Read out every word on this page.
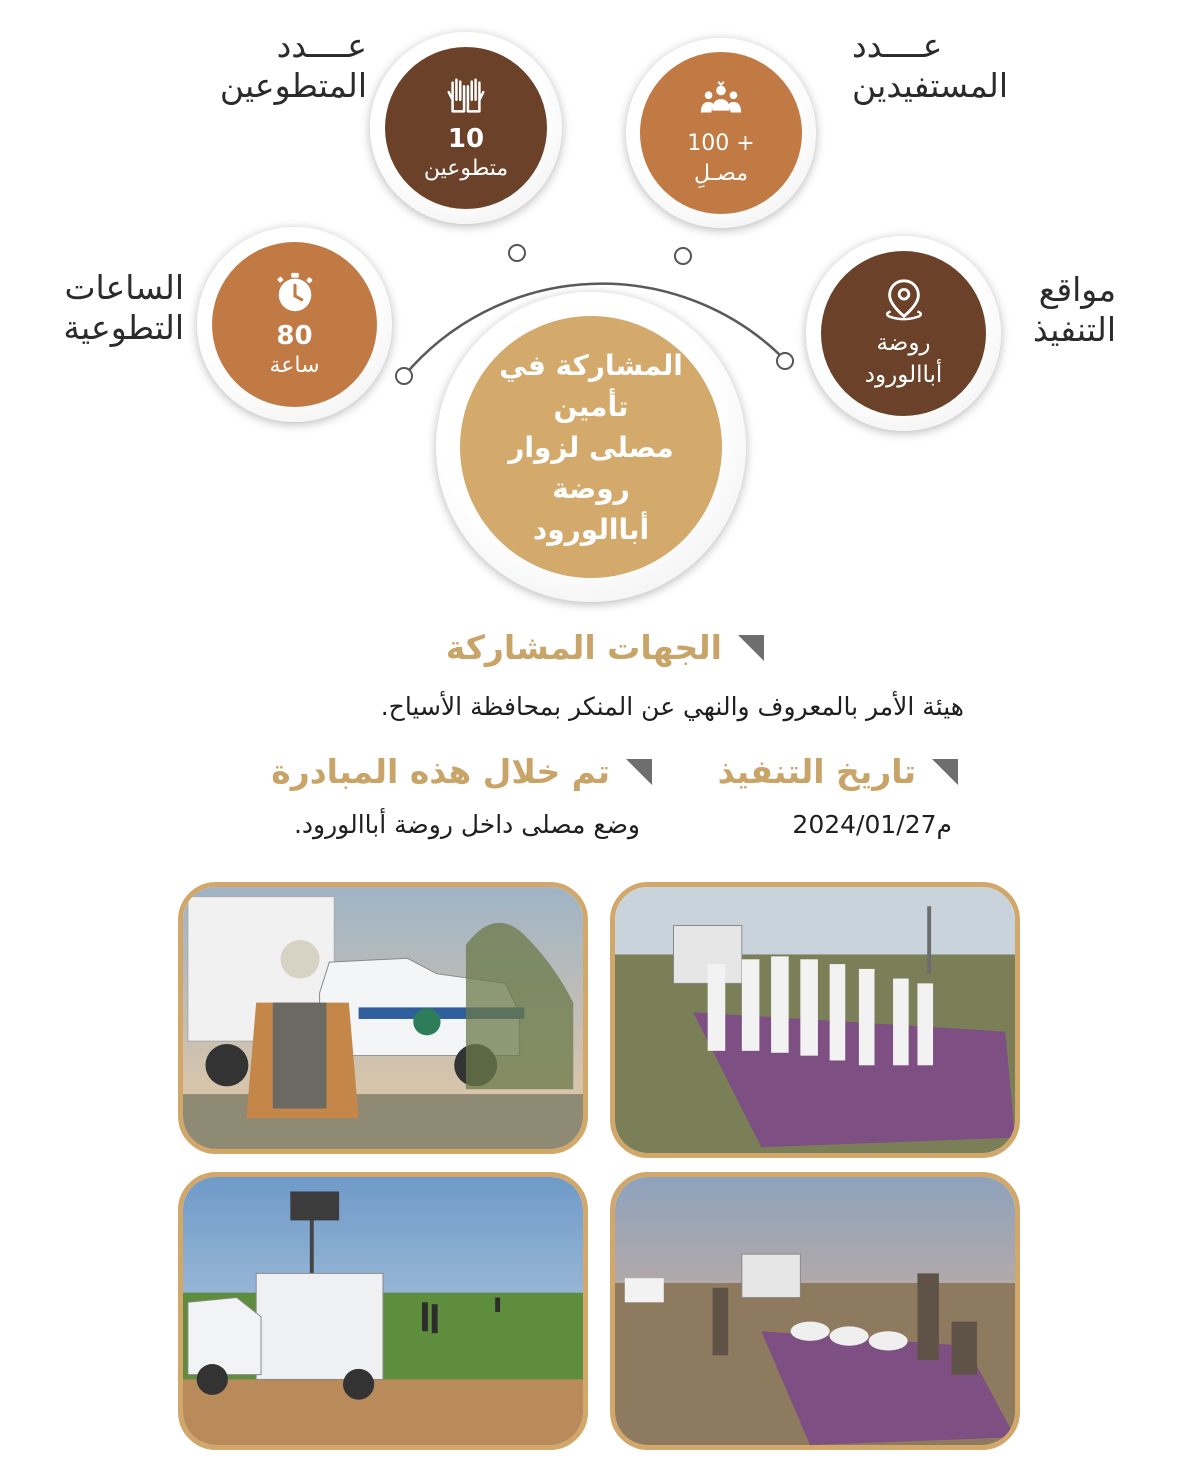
عــــدد
المتطوعين
10
متطوعين
عــــدد
المستفيدين
100 +
مصـلِ
الساعات
التطوعية	80
ساعة
مواقع
التنفيذ
روضة
أباالورود
المشاركة في تأمين
مصلى لزوار روضة
أباالورود
الجهات المشاركة
هيئة الأمر بالمعروف والنهي عن المنكر بمحافظة الأسياح.
تاريخ التنفيذ
2024/01/27م
تم خلال هذه المبادرة
وضع مصلى داخل روضة أباالورود.
